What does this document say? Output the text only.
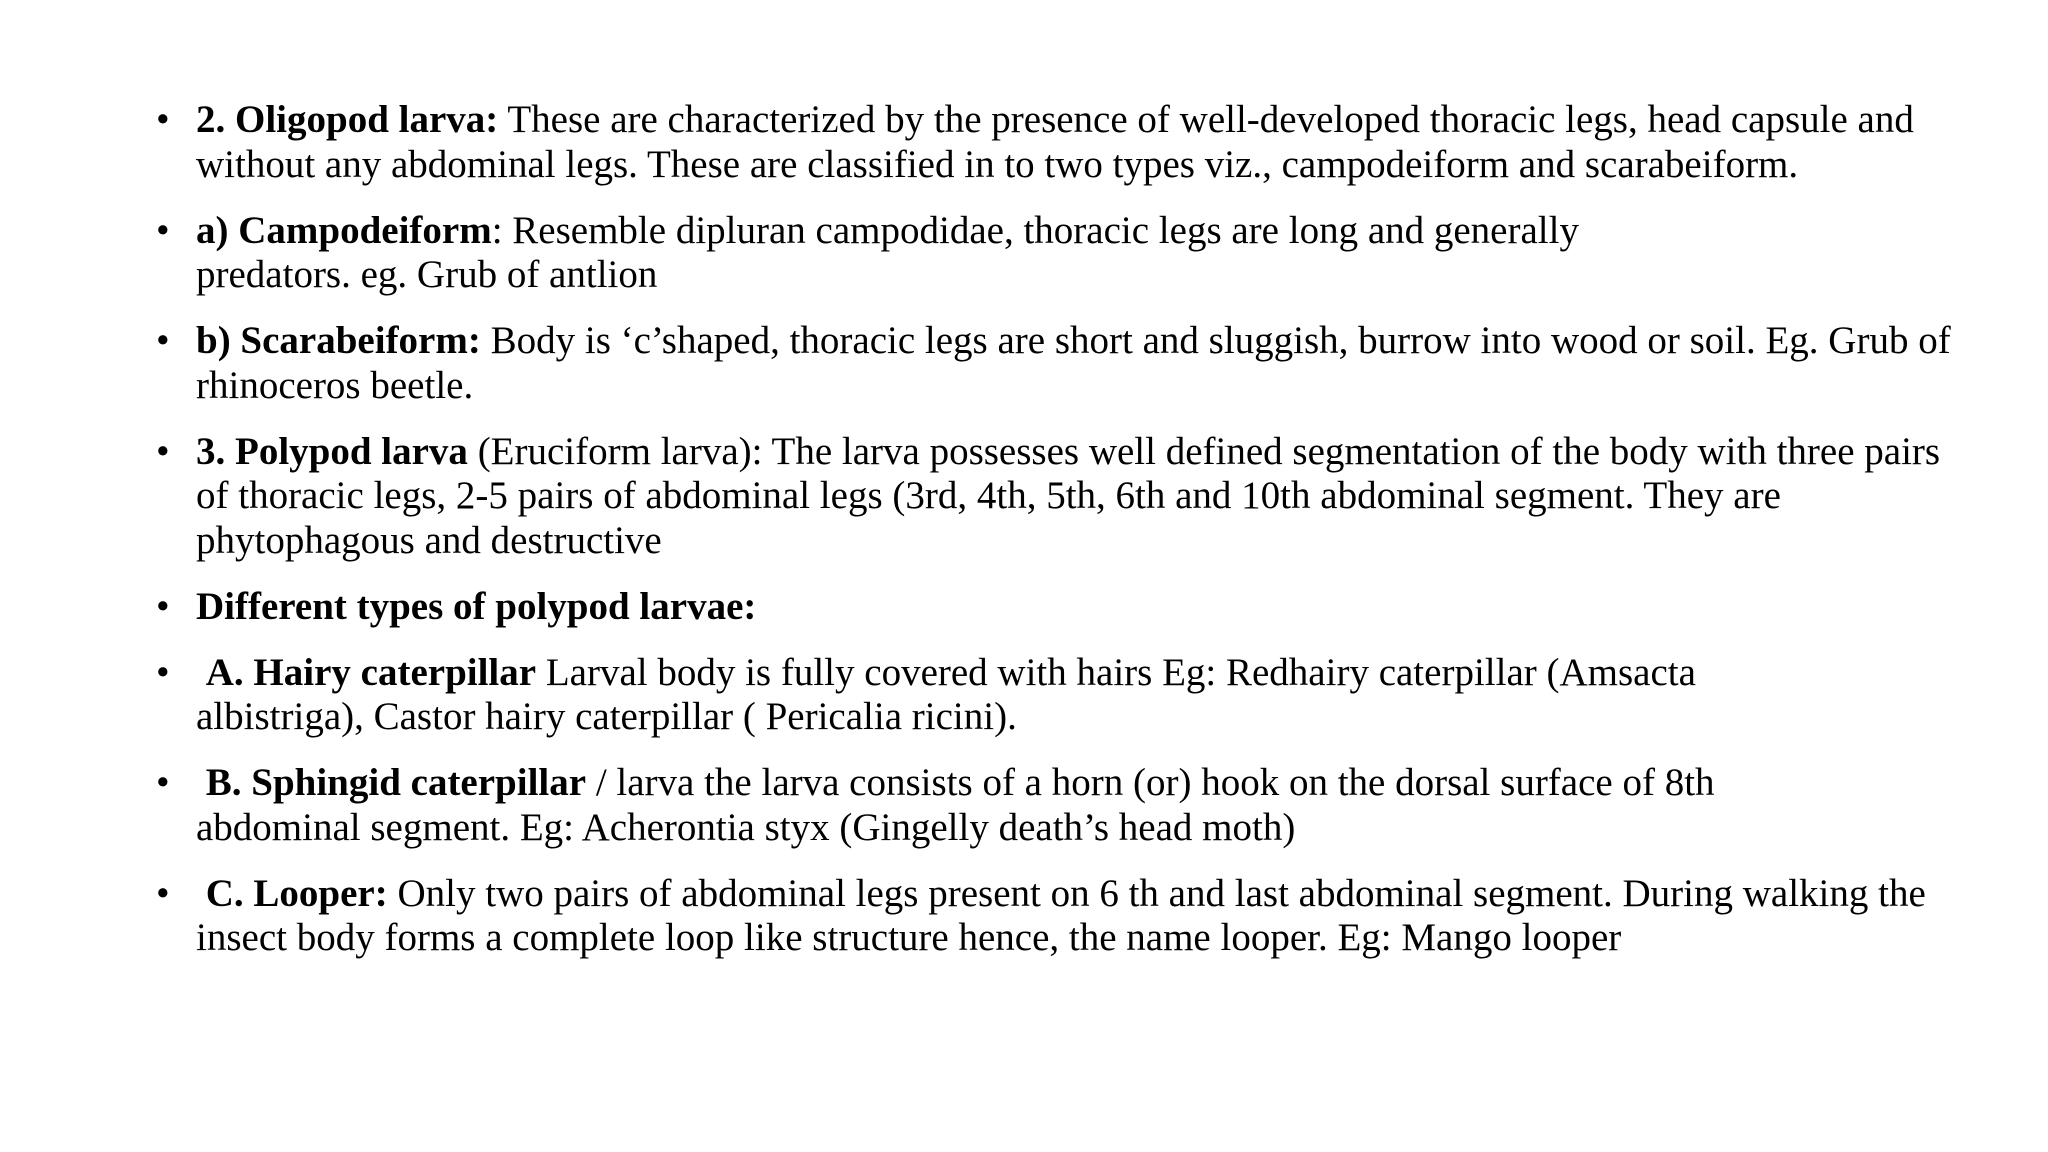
• 2. Oligopod larva: These are characterized by the presence of well-developed thoracic legs, head capsule and without any abdominal legs. These are classified in to two types viz., campodeiform and scarabeiform.
• a) Campodeiform: Resemble dipluran campodidae, thoracic legs are long and generally predators. eg. Grub of antlion
• b) Scarabeiform: Body is ‘c’shaped, thoracic legs are short and sluggish, burrow into wood or soil. Eg. Grub of rhinoceros beetle.
• 3. Polypod larva (Eruciform larva): The larva possesses well defined segmentation of the body with three pairs of thoracic legs, 2-5 pairs of abdominal legs (3rd, 4th, 5th, 6th and 10th abdominal segment. They are phytophagous and destructive
• Different types of polypod larvae:
• A. Hairy caterpillar Larval body is fully covered with hairs Eg: Redhairy caterpillar (Amsacta albistriga), Castor hairy caterpillar ( Pericalia ricini).
• B. Sphingid caterpillar / larva the larva consists of a horn (or) hook on the dorsal surface of 8th abdominal segment. Eg: Acherontia styx (Gingelly death’s head moth)
• C. Looper: Only two pairs of abdominal legs present on 6 th and last abdominal segment. During walking the insect body forms a complete loop like structure hence, the name looper. Eg: Mango looper
